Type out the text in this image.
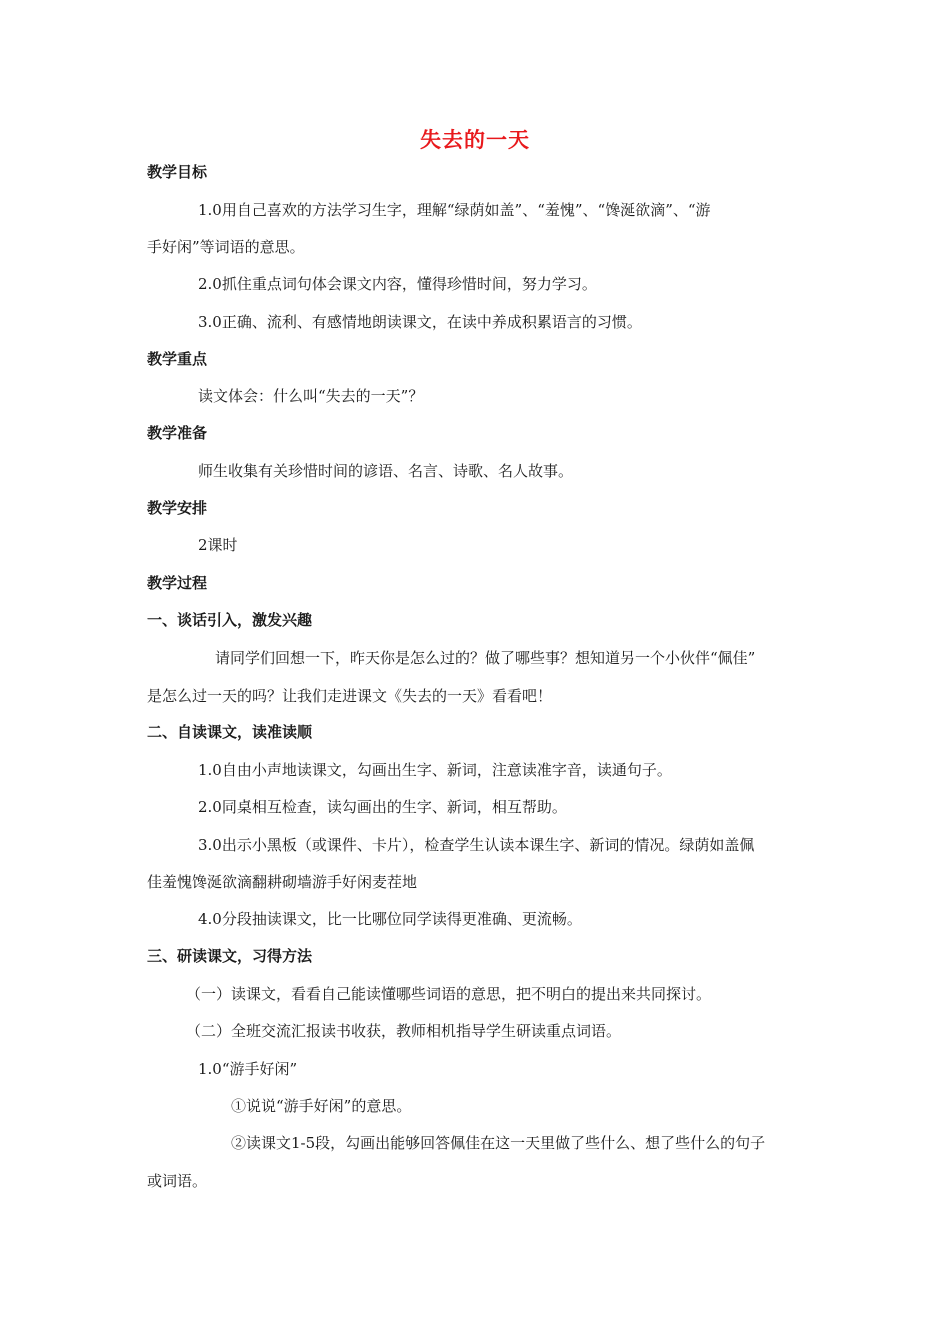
失去的一天
教学目标
1.0用自己喜欢的方法学习生字，理解“绿荫如盖”、“羞愧”、“馋涎欲滴”、“游
手好闲”等词语的意思。
2.0抓住重点词句体会课文内容，懂得珍惜时间，努力学习。
3.0正确、流利、有感情地朗读课文，在读中养成积累语言的习惯。
教学重点
读文体会：什么叫“失去的一天”？
教学准备
师生收集有关珍惜时间的谚语、名言、诗歌、名人故事。
教学安排
2课时
教学过程
一、谈话引入，激发兴趣
请同学们回想一下，昨天你是怎么过的？做了哪些事？想知道另一个小伙伴“佩佳”
是怎么过一天的吗？让我们走进课文《失去的一天》看看吧！
二、自读课文，读准读顺
1.0自由小声地读课文，勾画出生字、新词，注意读准字音，读通句子。
2.0同桌相互检查，读勾画出的生字、新词，相互帮助。
3.0出示小黑板（或课件、卡片），检查学生认读本课生字、新词的情况。绿荫如盖佩
佳羞愧馋涎欲滴翻耕砌墙游手好闲麦茬地
4.0分段抽读课文，比一比哪位同学读得更准确、更流畅。
三、研读课文，习得方法
（一）读课文，看看自己能读懂哪些词语的意思，把不明白的提出来共同探讨。
（二）全班交流汇报读书收获，教师相机指导学生研读重点词语。
1.0“游手好闲”
①说说“游手好闲”的意思。
②读课文1-5段，勾画出能够回答佩佳在这一天里做了些什么、想了些什么的句子
或词语。
